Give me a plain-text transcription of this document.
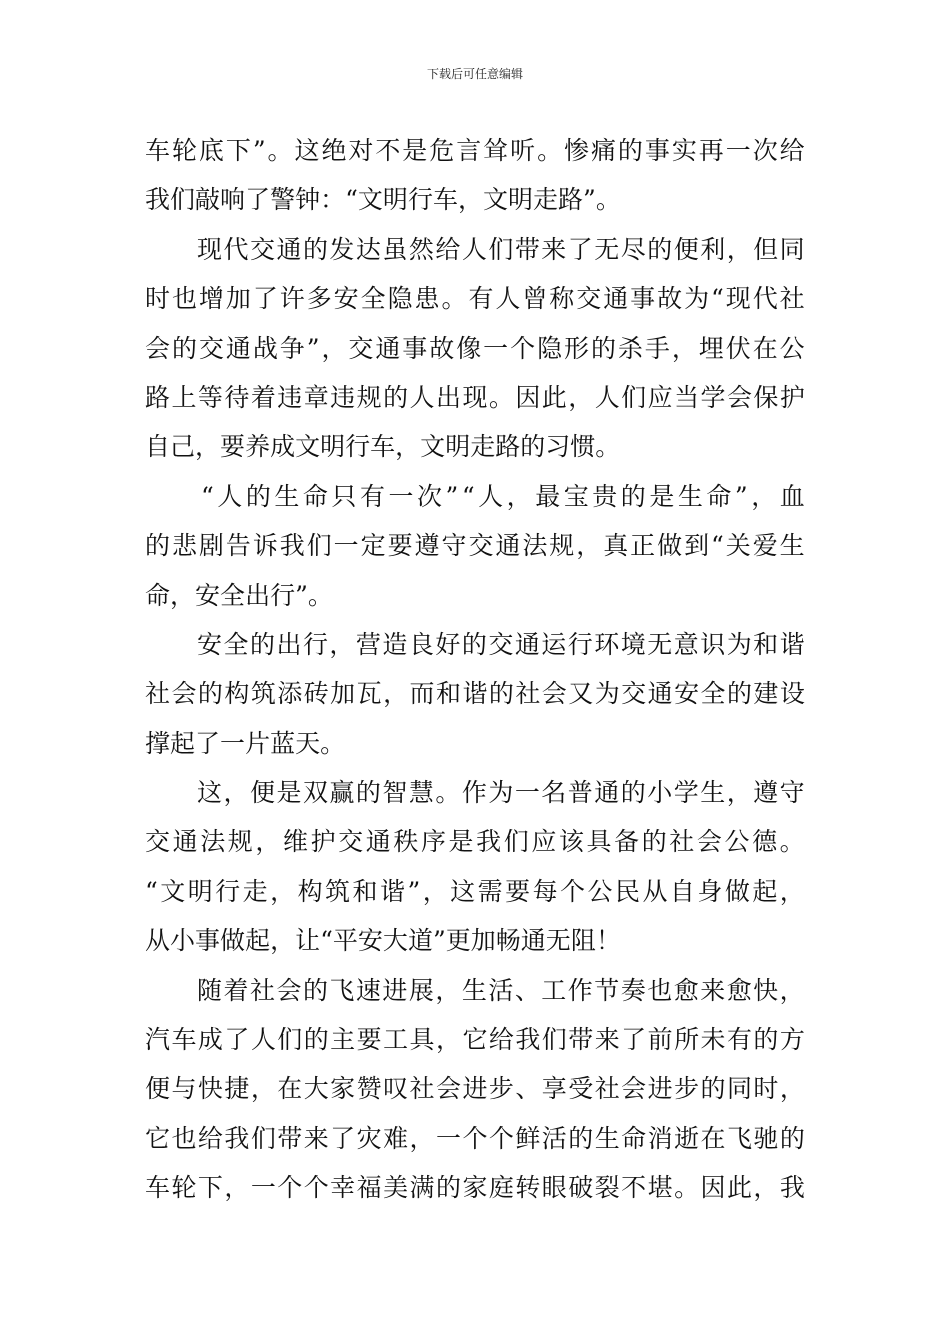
下载后可任意编辑
车 轮 底 下 ” 。 这 绝 对 不 是 危 言 耸 听 。 惨 痛 的 事 实 再 一 次 给
我 们 敲 响 了 警 钟 ： “ 文 明 行 车 ， 文 明 走 路 ” 。
现 代 交 通 的 发 达 虽 然 给 人 们 带 来 了 无 尽 的 便 利 ， 但 同
时 也 增 加 了 许 多 安 全 隐 患 。 有 人 曾 称 交 通 事 故 为 “ 现 代 社
会 的 交 通 战 争 ” ， 交 通 事 故 像 一 个 隐 形 的 杀 手 ， 埋 伏 在 公
路 上 等 待 着 违 章 违 规 的 人 出 现 。 因 此 ， 人 们 应 当 学 会 保 护
自 己 ， 要 养 成 文 明 行 车 ， 文 明 走 路 的 习 惯 。
“ 人 的 生 命 只 有 一 次 ” “ 人 ， 最 宝 贵 的 是 生 命 ” ， 血
的 悲 剧 告 诉 我 们 一 定 要 遵 守 交 通 法 规 ， 真 正 做 到 “ 关 爱 生
命 ， 安 全 出 行 ” 。
安 全 的 出 行 ， 营 造 良 好 的 交 通 运 行 环 境 无 意 识 为 和 谐
社 会 的 构 筑 添 砖 加 瓦 ， 而 和 谐 的 社 会 又 为 交 通 安 全 的 建 设
撑 起 了 一 片 蓝 天 。
这 ， 便 是 双 赢 的 智 慧 。 作 为 一 名 普 通 的 小 学 生 ， 遵 守
交 通 法 规 ， 维 护 交 通 秩 序 是 我 们 应 该 具 备 的 社 会 公 德 。
“ 文 明 行 走 ， 构 筑 和 谐 ” ， 这 需 要 每 个 公 民 从 自 身 做 起 ，
从 小 事 做 起 ， 让 “ 平 安 大 道 ” 更 加 畅 通 无 阻 ！
随 着 社 会 的 飞 速 进 展 ， 生 活 、 工 作 节 奏 也 愈 来 愈 快 ，
汽 车 成 了 人 们 的 主 要 工 具 ， 它 给 我 们 带 来 了 前 所 未 有 的 方
便 与 快 捷 ， 在 大 家 赞 叹 社 会 进 步 、 享 受 社 会 进 步 的 同 时 ，
它 也 给 我 们 带 来 了 灾 难 ， 一 个 个 鲜 活 的 生 命 消 逝 在 飞 驰 的
车 轮 下 ， 一 个 个 幸 福 美 满 的 家 庭 转 眼 破 裂 不 堪 。 因 此 ， 我
